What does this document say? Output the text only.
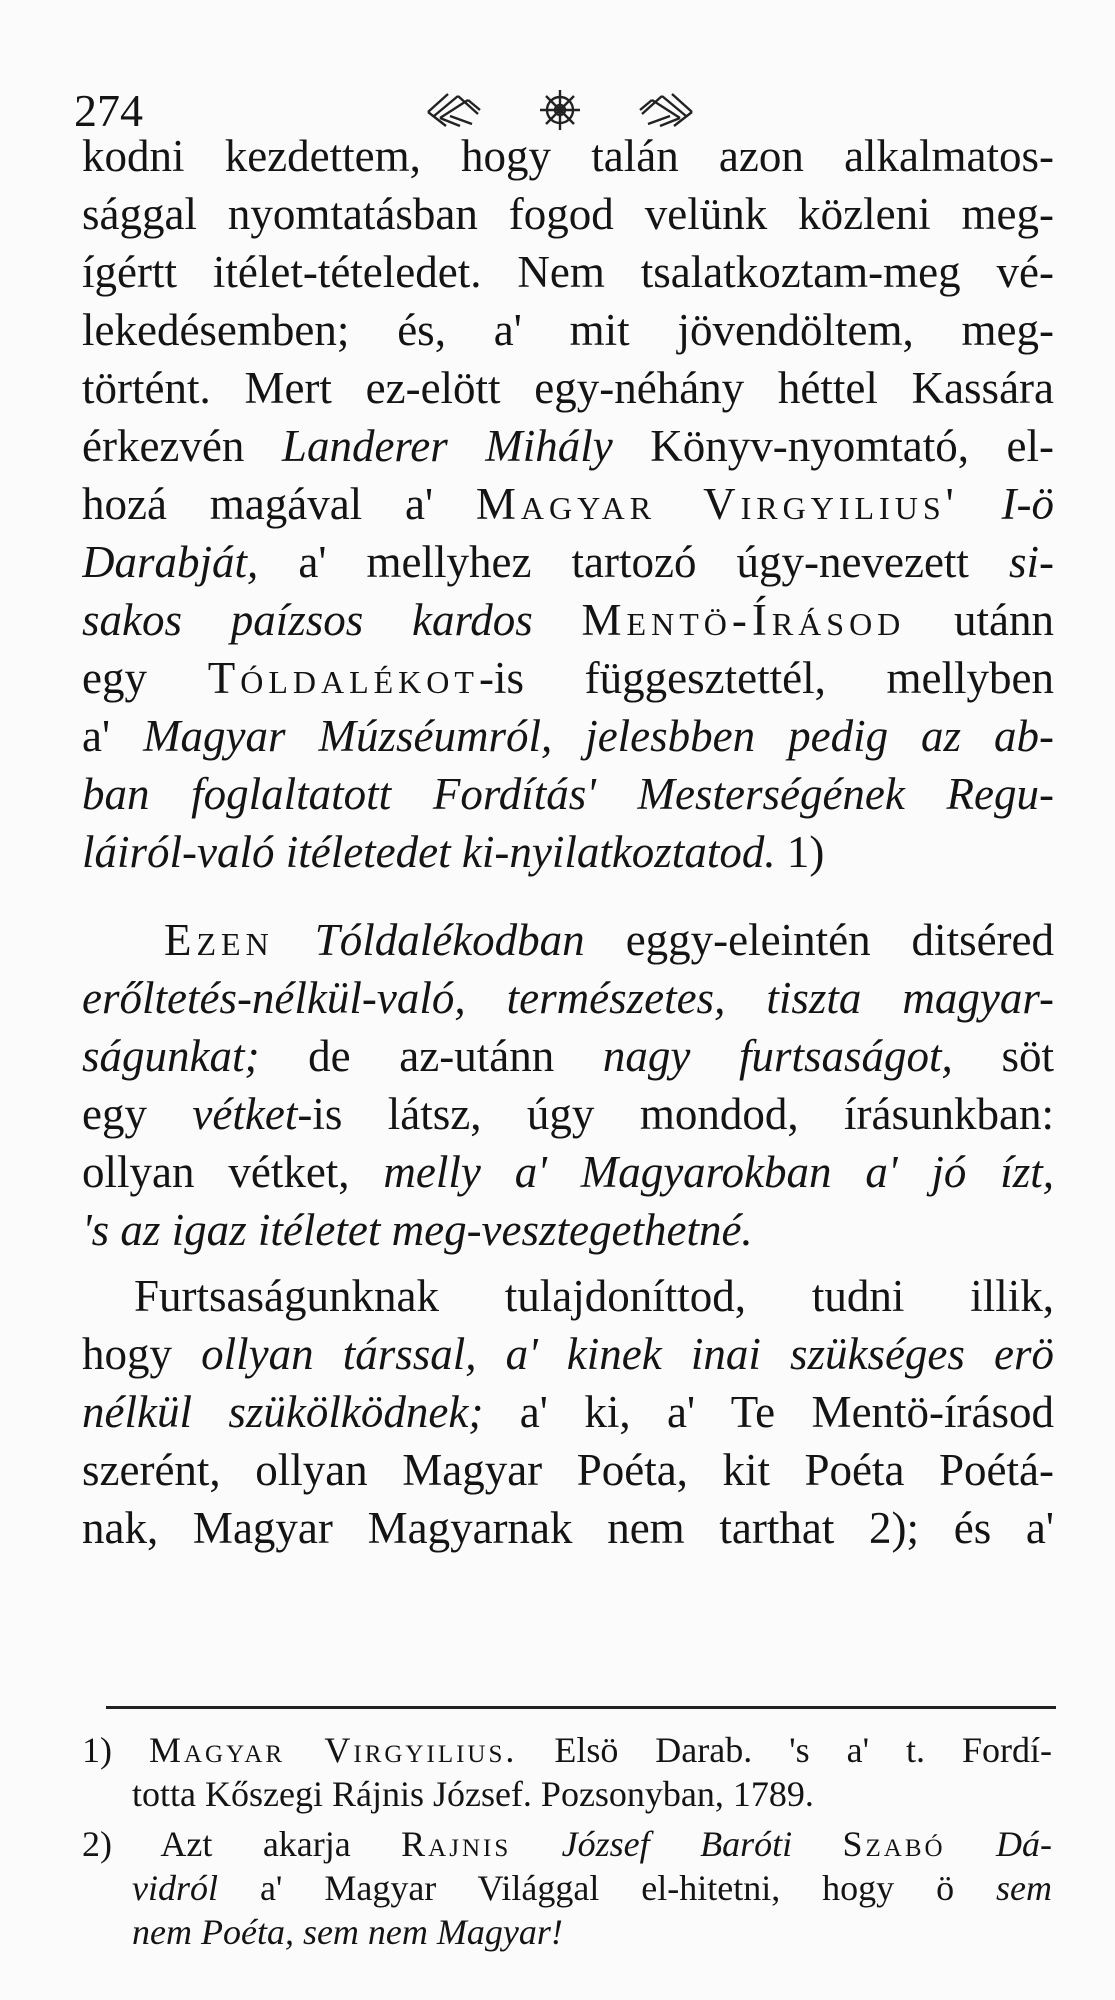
274
kodni kezdettem, hogy talán azon alkalmatos-
sággal nyomtatásban fogod velünk közleni meg-
ígértt itélet-tételedet. Nem tsalatkoztam-meg vé-
lekedésemben; és, a' mit jövendöltem, meg-
történt. Mert ez-elött egy-néhány héttel Kassára
érkezvén Landerer Mihály Könyv-nyomtató, el-
hozá magával a' Magyar Virgyilius' I-ö
Darabját, a' mellyhez tartozó úgy-nevezett si-
sakos paízsos kardos Mentö-Írásod utánn
egy Tóldalékot-is függesztettél, mellyben
a' Magyar Múzséumról, jelesbben pedig az ab-
ban foglaltatott Fordítás' Mesterségének Regu-
láiról-való itéletedet ki-nyilatkoztatod. 1)
Ezen Tóldalékodban eggy-eleintén ditséred
erőltetés-nélkül-való, természetes, tiszta magyar-
ságunkat; de az-utánn nagy furtsaságot, söt
egy vétket-is látsz, úgy mondod, írásunkban:
ollyan vétket, melly a' Magyarokban a' jó ízt,
's az igaz itéletet meg-vesztegethetné.
Furtsaságunknak tulajdoníttod, tudni illik,
hogy ollyan társsal, a' kinek inai szükséges erö
nélkül szükölködnek; a' ki, a' Te Mentö-írásod
szerént, ollyan Magyar Poéta, kit Poéta Poétá-
nak, Magyar Magyarnak nem tarthat 2); és a'
1) Magyar Virgyilius. Elsö Darab. 's a' t. Fordí-
totta Kőszegi Rájnis József. Pozsonyban, 1789.
2) Azt akarja Rajnis József Baróti Szabó Dá-
vidról a' Magyar Világgal el-hitetni, hogy ö sem
nem Poéta, sem nem Magyar!
